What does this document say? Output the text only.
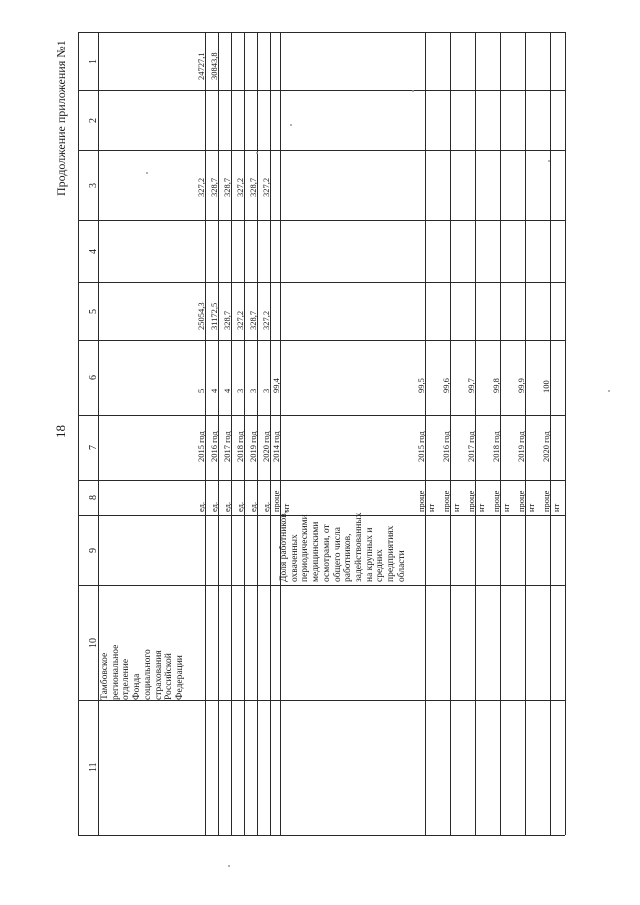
1
2
3
4
5
6
7
8
9
10
11
Тамбовское региональное отделение Фонда социального страхования Российской Федерации
Доля работников, охваченных периодическими медицинскими осмотрами, от общего числа работников, задействованных на крупных и средних предприятиях области
ед.
2015 год
5
25054,3
327,2
24727,1
ед.
2016 год
4
31172,5
328,7
30843,8
ед.
2017 год
4
328,7
328,7
ед.
2018 год
3
327,2
327,2
ед.
2019 год
3
328,7
328,7
ед.
2020 год
3
327,2
327,2
проце нт
2014 год
99,4
проце нт
2015 год
99,5
проце нт
2016 год
99,6
проце нт
2017 год
99,7
проце нт
2018 год
99,8
проце нт
2019 год
99,9
проце нт
2020 год
100
Продолжение приложения №1
18
